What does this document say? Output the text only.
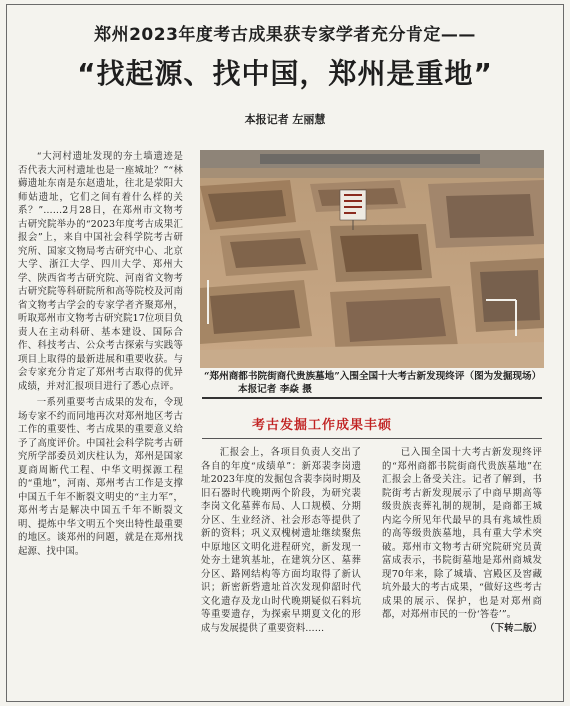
郑州2023年度考古成果获专家学者充分肯定——
“找起源、找中国，郑州是重地”
本报记者 左丽慧

“大河村遗址发现的夯土墙遗迹是否代表大河村遗址也是一座城址？”“林薅遗址东南是东赵遗址，往北是荥阳大师姑遗址，它们之间有着什么样的关系？”……2月28日，在郑州市文物考古研究院举办的“2023年度考古成果汇报会”上，来自中国社会科学院考古研究所、国家文物局考古研究中心、北京大学、浙江大学、四川大学、郑州大学、陕西省考古研究院、河南省文物考古研究院等科研院所和高等院校及河南省文物考古学会的专家学者齐聚郑州，听取郑州市文物考古研究院17位项目负责人在主动科研、基本建设、国际合作、科技考古、公众考古探索与实践等项目上取得的最新进展和重要收获。与会专家充分肯定了郑州考古取得的优异成绩，并对汇报项目进行了悉心点评。

一系列重要考古成果的发布，令现场专家不约而同地再次对郑州地区考古工作的重要性、考古成果的重要意义给予了高度评价。中国社会科学院考古研究所学部委员刘庆柱认为，郑州是国家夏商周断代工程、中华文明探源工程的“重地”，河南、郑州考古工作是支撑中国五千年不断裂文明史的“主力军”，郑州考古是解决中国五千年不断裂文明、提炼中华文明五个突出特性最重要的地区。谈郑州的问题，就是在郑州找起源、找中国。

“郑州商都书院街商代贵族墓地”入围全国十大考古新发现终评（图为发掘现场）本报记者 李焱 摄
考古发掘工作成果丰硕

汇报会上，各项目负责人交出了各自的年度“成绩单”：新郑裴李岗遗址2023年度的发掘包含裴李岗时期及旧石器时代晚期两个阶段，为研究裴李岗文化墓葬布局、人口规模、分期分区、生业经济、社会形态等提供了新的资料；巩义双槐树遗址继续聚焦中原地区文明化进程研究，新发现一处夯土建筑基址，在建筑分区、墓葬分区、路网结构等方面均取得了新认识；新密新砦遗址首次发现仰韶时代文化遗存及龙山时代晚期疑似石料坑等重要遗存，为探索早期夏文化的形成与发展提供了重要资料……

已入围全国十大考古新发现终评的“郑州商都书院街商代贵族墓地”在汇报会上备受关注。记者了解到，书院街考古新发现展示了中商早期高等级贵族丧葬礼制的规制，是商都王城内迄今所见年代最早的具有兆域性质的高等级贵族墓地，具有重大学术突破。郑州市文物考古研究院研究员黄富成表示，书院街墓地是郑州商城发现70年来，除了城墙、宫殿区及窖藏坑外最大的考古成果，“做好这些考古成果的展示、保护，也是对郑州商都，对郑州市民的一份‘答卷’”。

（下转二版）
